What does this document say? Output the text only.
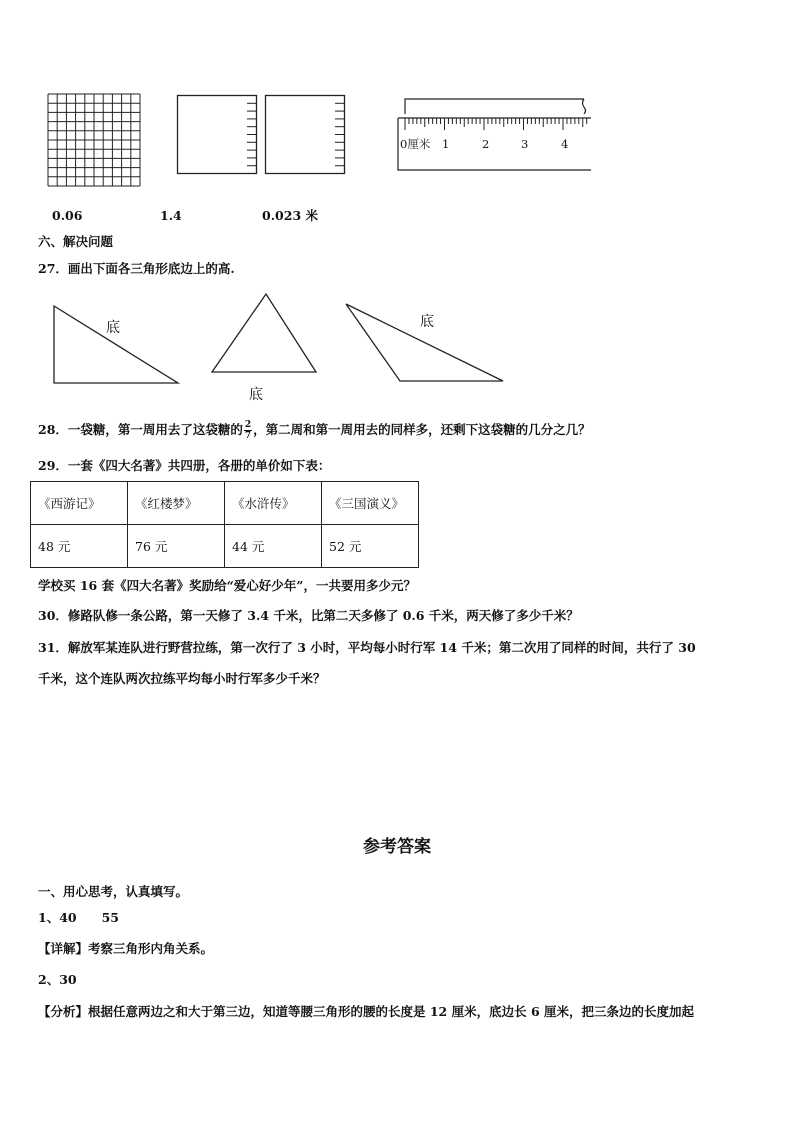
0厘米 1	2	3	4
0.06	1.4	0.023 米
六、解决问题
27．画出下面各三角形底边上的高.
底
底
底
28．一袋糖，第一周用去了这袋糖的 $\frac{2}{7}$ ，第二周和第一周用去的同样多，还剩下这袋糖的几分之几？
29．一套《四大名著》共四册，各册的单价如下表：
《西游记》	《红楼梦》	《水浒传》	《三国演义》
48 元	76 元	44 元	52 元
学校买 16 套《四大名著》奖励给“爱心好少年”，一共要用多少元？
30．修路队修一条公路，第一天修了 3.4 千米，比第二天多修了 0.6 千米，两天修了多少千米？
31．解放军某连队进行野营拉练，第一次行了 3 小时，平均每小时行军 14 千米；第二次用了同样的时间，共行了 30
千米，这个连队两次拉练平均每小时行军多少千米？
参考答案
一、用心思考，认真填写。
1、40　　55
【详解】考察三角形内角关系。
2、30
【分析】根据任意两边之和大于第三边，知道等腰三角形的腰的长度是 12 厘米，底边长 6 厘米，把三条边的长度加起
